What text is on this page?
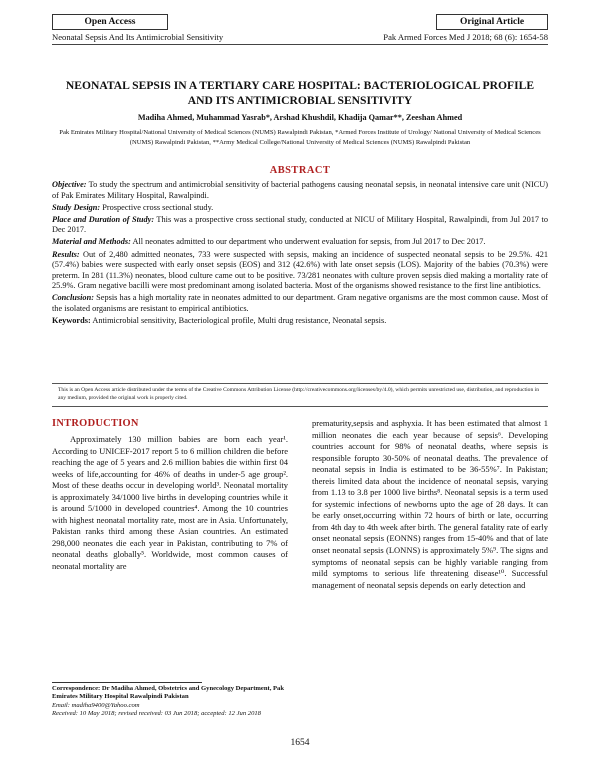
Open Access	Original Article
Neonatal Sepsis And Its Antimicrobial Sensitivity	Pak Armed Forces Med J 2018; 68 (6): 1654-58
NEONATAL SEPSIS IN A TERTIARY CARE HOSPITAL: BACTERIOLOGICAL PROFILE
AND ITS ANTIMICROBIAL SENSITIVITY
Madiha Ahmed, Muhammad Yasrab*, Arshad Khushdil, Khadija Qamar**, Zeeshan Ahmed
Pak Emirates Military Hospital/National University of Medical Sciences (NUMS) Rawalpindi Pakistan, *Armed Forces Institute of Urology/ National University of Medical Sciences (NUMS) Rawalpindi Pakistan, **Army Medical College/National University of Medical Sciences (NUMS) Rawalpindi Pakistan
ABSTRACT

Objective: To study the spectrum and antimicrobial sensitivity of bacterial pathogens causing neonatal sepsis, in neonatal intensive care unit (NICU) of Pak Emirates Military Hospital, Rawalpindi.

Study Design: Prospective cross sectional study.

Place and Duration of Study: This was a prospective cross sectional study, conducted at NICU of Military Hospital, Rawalpindi, from Jul 2017 to Dec 2017.

Material and Methods: All neonates admitted to our department who underwent evaluation for sepsis, from Jul 2017 to Dec 2017.

Results: Out of 2,480 admitted neonates, 733 were suspected with sepsis, making an incidence of suspected neonatal sepsis to be 29.5%. 421 (57.4%) babies were suspected with early onset sepsis (EOS) and 312 (42.6%) with late onset sepsis (LOS). Majority of the babies (70.3%) were preterm. In 281 (11.3%) neonates, blood culture came out to be positive. 73/281 neonates with culture proven sepsis died making a mortality rate of 25.9%. Gram negative bacilli were most predominant among isolated bacteria. Most of the organisms showed resistance to the first line antibiotics.

Conclusion: Sepsis has a high mortality rate in neonates admitted to our department. Gram negative organisms are the most common cause. Most of the isolated organisms are resistant to empirical antibiotics.

Keywords: Antimicrobial sensitivity, Bacteriological profile, Multi drug resistance, Neonatal sepsis.

This is an Open Access article distributed under the terms of the Creative Commons Attribution License (http://creativecommons.org/licenses/by/4.0), which permits unrestricted use, distribution, and reproduction in any medium, provided the original work is properly cited.
INTRODUCTION

Approximately 130 million babies are born each year¹. According to UNICEF-2017 report 5 to 6 million children die before reaching the age of 5 years and 2.6 million babies die within first 04 weeks of life,accounting for 46% of deaths in under-5 age group². Most of these deaths occur in developing world³. Neonatal mortality is approximately 34/1000 live births in developing countries while it is around 5/1000 in developed countries⁴. Among the 10 countries with highest neonatal mortality rate, most are in Asia. Unfortunately, Pakistan ranks third among these Asian countries. An estimated 298,000 neonates die each year in Pakistan, contributing to 7% of neonatal deaths globally⁵. Worldwide, most common causes of neonatal mortality are

prematurity,sepsis and asphyxia. It has been estimated that almost 1 million neonates die each year because of sepsis⁶. Developing countries account for 98% of neonatal deaths, where sepsis is responsible forupto 30-50% of neonatal deaths. The prevalence of neonatal sepsis in India is estimated to be 36-55%⁷. In Pakistan; thereis limited data about the incidence of neonatal sepsis, varying from 1.13 to 3.8 per 1000 live births⁸. Neonatal sepsis is a term used for systemic infections of newborns upto the age of 28 days. It can be early onset,occurring within 72 hours of birth or late, occurring from 4th day to 4th week after birth. The general fatality rate of early onset neonatal sepsis (EONNS) ranges from 15-40% and that of late onset neonatal sepsis (LONNS) is approximately 5%⁹. The signs and symptoms of neonatal sepsis can be highly variable ranging from mild symptoms to serious life threatening disease¹⁰. Successful management of neonatal sepsis depends on early detection and

Correspondence: Dr Madiha Ahmed, Obstetrics and Gynecology Department, Pak Emirates Military Hospital Rawalpindi Pakistan
Email: madiha9400@Yahoo.com
Received: 10 May 2018; revised received: 03 Jun 2018; accepted: 12 Jun 2018
1654
